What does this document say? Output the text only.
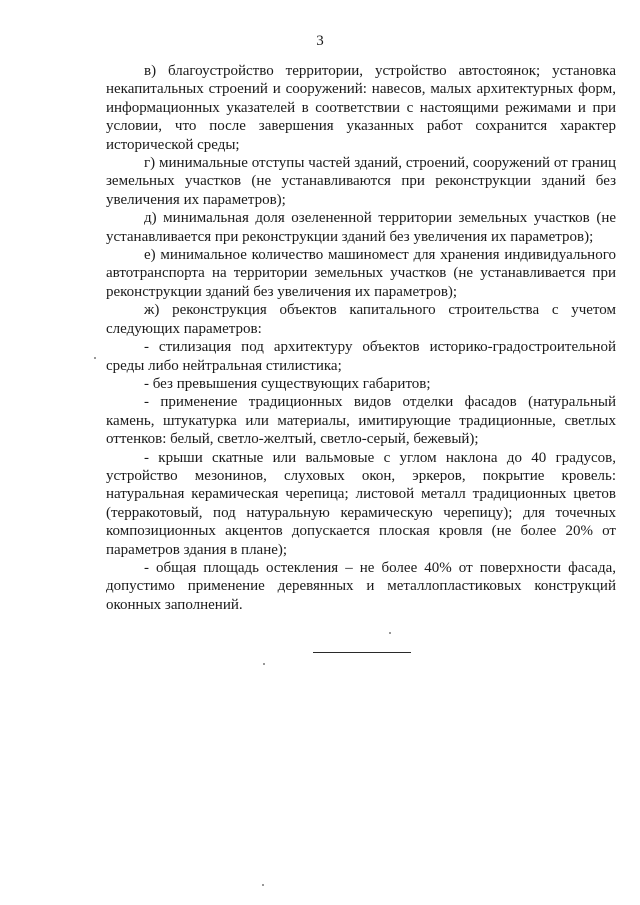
3

в) благоустройство территории, устройство автостоянок; установка некапитальных строений и сооружений: навесов, малых архитектурных форм, информационных указателей в соответствии с настоящими режимами и при условии, что после завершения указанных работ сохранится характер исторической среды;

г) минимальные отступы частей зданий, строений, сооружений от границ земельных участков (не устанавливаются при реконструкции зданий без увеличения их параметров);

д) минимальная доля озелененной территории земельных участков (не устанавливается при реконструкции зданий без увеличения их параметров);

е) минимальное количество машиномест для хранения индивидуального автотранспорта на территории земельных участков (не устанавливается при реконструкции зданий без увеличения их параметров);

ж) реконструкция объектов капитального строительства с учетом следующих параметров:

- стилизация под архитектуру объектов историко-градостроительной среды либо нейтральная стилистика;

- без превышения существующих габаритов;

- применение традиционных видов отделки фасадов (натуральный камень, штукатурка или материалы, имитирующие традиционные, светлых оттенков: белый, светло-желтый, светло-серый, бежевый);

- крыши скатные или вальмовые с углом наклона до 40 градусов, устройство мезонинов, слуховых окон, эркеров, покрытие кровель: натуральная керамическая черепица; листовой металл традиционных цветов (терракотовый, под натуральную керамическую черепицу); для точечных композиционных акцентов допускается плоская кровля (не более 20% от параметров здания в плане);

- общая площадь остекления – не более 40% от поверхности фасада, допустимо применение деревянных и металлопластиковых конструкций оконных заполнений.
